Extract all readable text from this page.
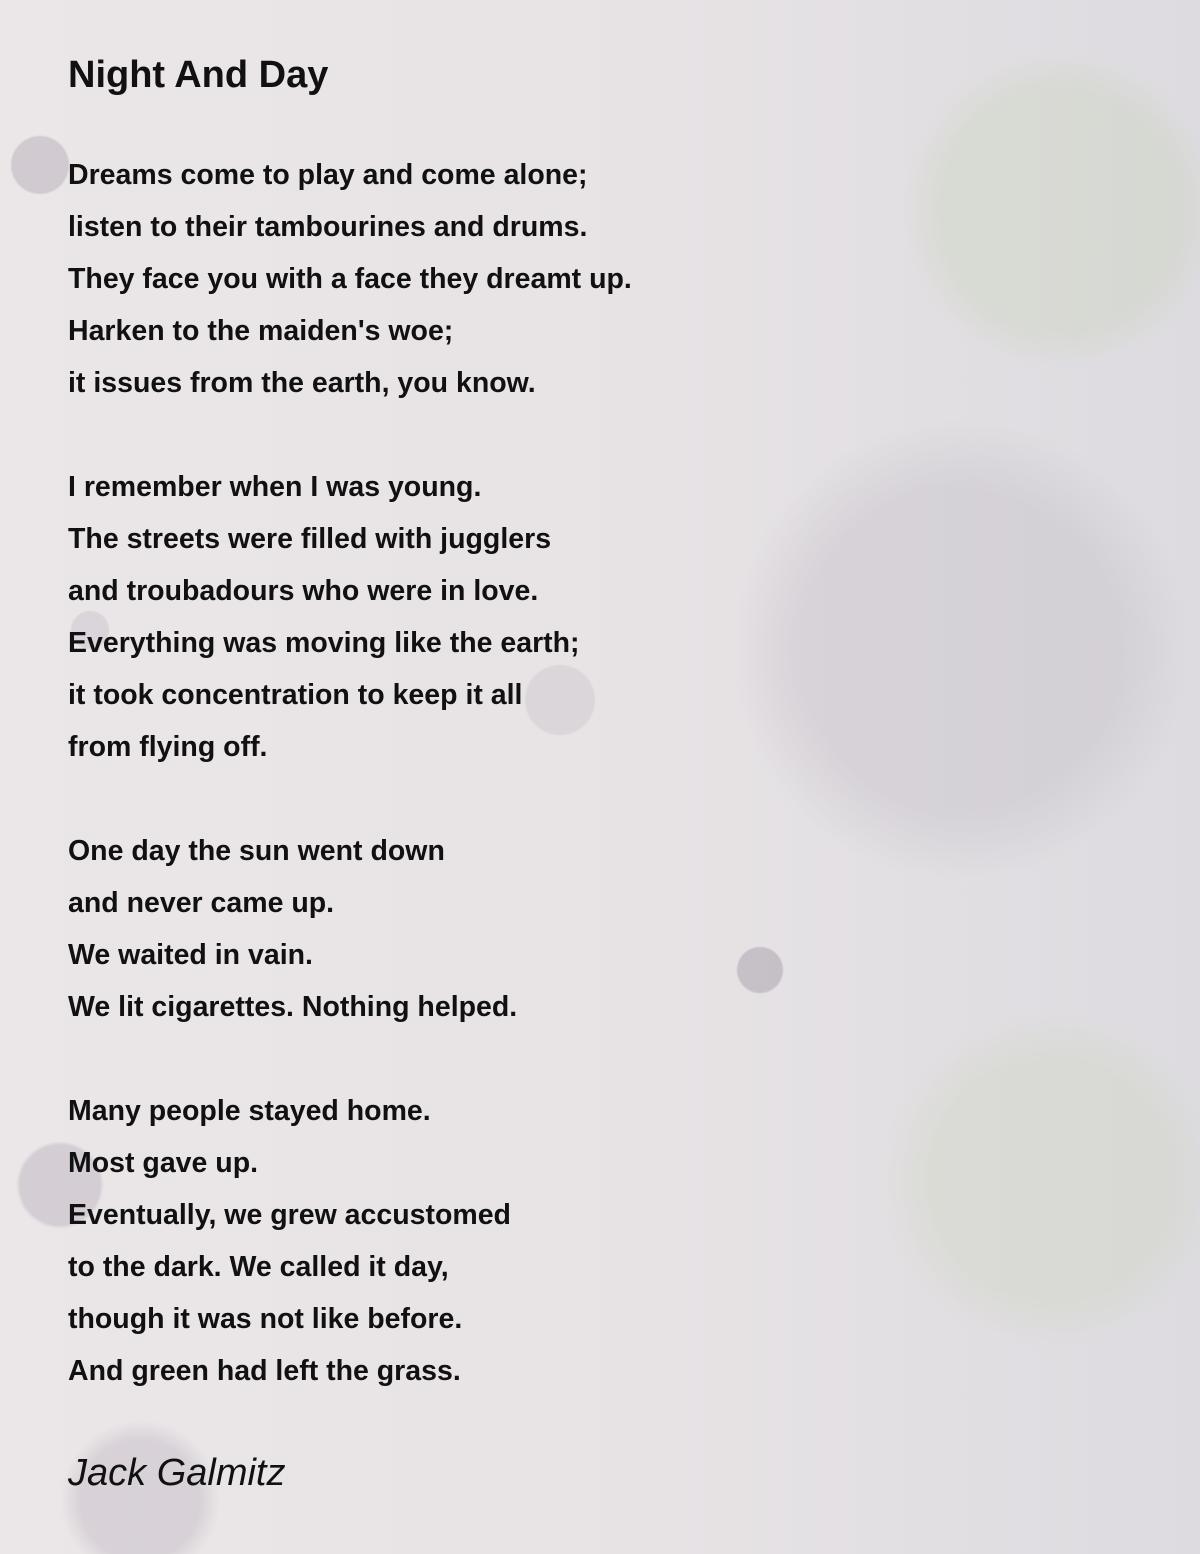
Night And Day
Dreams come to play and come alone;
listen to their tambourines and drums.
They face you with a face they dreamt up.
Harken to the maiden's woe;
it issues from the earth, you know.
I remember when I was young.
The streets were filled with jugglers
and troubadours who were in love.
Everything was moving like the earth;
it took concentration to keep it all
from flying off.
One day the sun went down
and never came up.
We waited in vain.
We lit cigarettes. Nothing helped.
Many people stayed home.
Most gave up.
Eventually, we grew accustomed
to the dark. We called it day,
though it was not like before.
And green had left the grass.
Jack Galmitz
